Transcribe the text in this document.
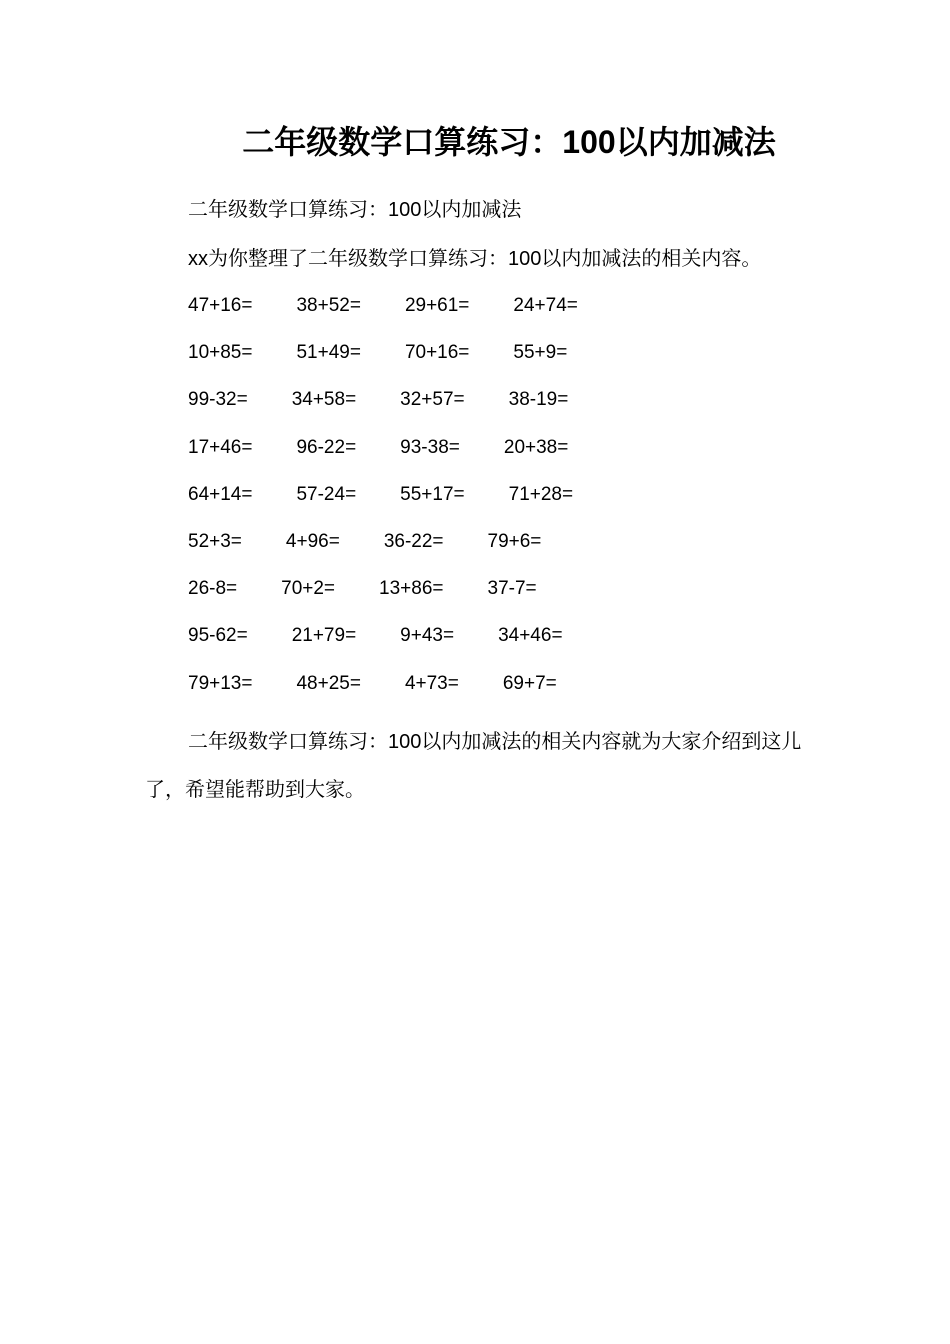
二年级数学口算练习：100以内加减法
二年级数学口算练习：100以内加减法
xx为你整理了二年级数学口算练习：100以内加减法的相关内容。
47+16= 38+52= 29+61= 24+74=
10+85= 51+49= 70+16= 55+9=
99-32= 34+58= 32+57= 38-19=
17+46= 96-22= 93-38= 20+38=
64+14= 57-24= 55+17= 71+28=
52+3= 4+96= 36-22= 79+6=
26-8= 70+2= 13+86= 37-7=
95-62= 21+79= 9+43= 34+46=
79+13= 48+25= 4+73= 69+7=
二年级数学口算练习：100以内加减法的相关内容就为大家介绍到这儿了，希望能帮助到大家。
